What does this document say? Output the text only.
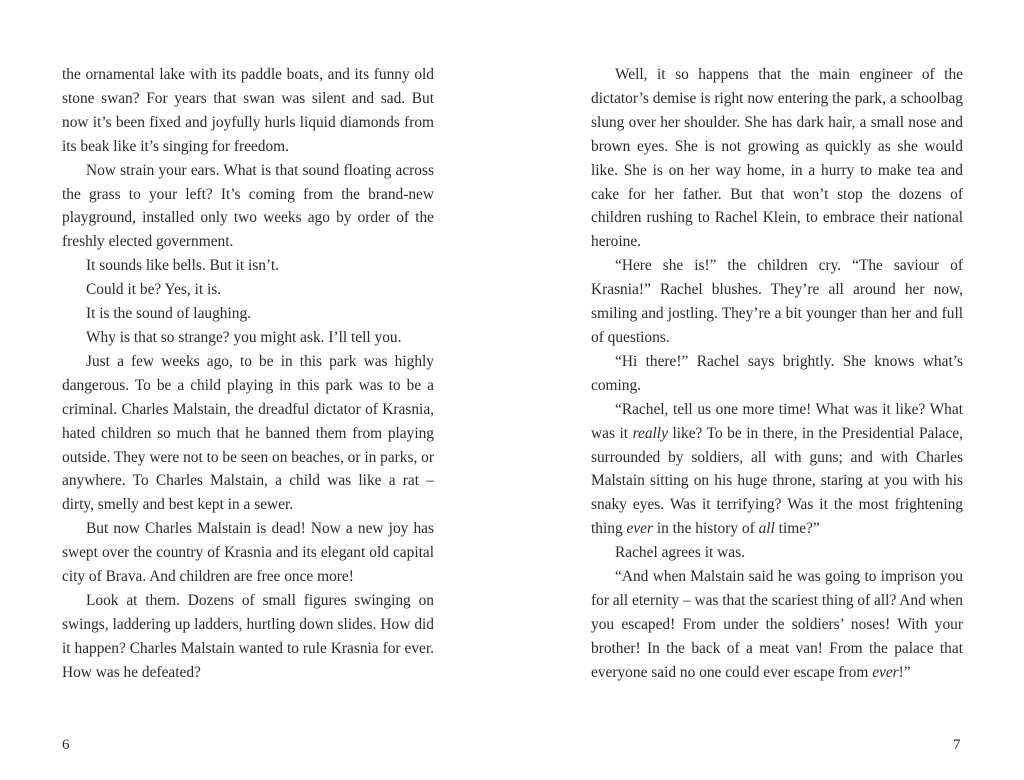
the ornamental lake with its paddle boats, and its funny old stone swan? For years that swan was silent and sad. But now it’s been fixed and joyfully hurls liquid diamonds from its beak like it’s singing for freedom.

Now strain your ears. What is that sound floating across the grass to your left? It’s coming from the brand-new playground, installed only two weeks ago by order of the freshly elected government.

It sounds like bells. But it isn’t.

Could it be? Yes, it is.

It is the sound of laughing.

Why is that so strange? you might ask. I’ll tell you.

Just a few weeks ago, to be in this park was highly dangerous. To be a child playing in this park was to be a criminal. Charles Malstain, the dreadful dictator of Krasnia, hated children so much that he banned them from playing outside. They were not to be seen on beaches, or in parks, or anywhere. To Charles Malstain, a child was like a rat – dirty, smelly and best kept in a sewer.

But now Charles Malstain is dead! Now a new joy has swept over the country of Krasnia and its elegant old capital city of Brava. And children are free once more!

Look at them. Dozens of small figures swinging on swings, laddering up ladders, hurtling down slides. How did it happen? Charles Malstain wanted to rule Krasnia for ever. How was he defeated?

Well, it so happens that the main engineer of the dictator’s demise is right now entering the park, a schoolbag slung over her shoulder. She has dark hair, a small nose and brown eyes. She is not growing as quickly as she would like. She is on her way home, in a hurry to make tea and cake for her father. But that won’t stop the dozens of children rushing to Rachel Klein, to embrace their national heroine.

“Here she is!” the children cry. “The saviour of Krasnia!” Rachel blushes. They’re all around her now, smiling and jostling. They’re a bit younger than her and full of questions.

“Hi there!” Rachel says brightly. She knows what’s coming.

“Rachel, tell us one more time! What was it like? What was it really like? To be in there, in the Presidential Palace, surrounded by soldiers, all with guns; and with Charles Malstain sitting on his huge throne, staring at you with his snaky eyes. Was it terrifying? Was it the most frightening thing ever in the history of all time?”

Rachel agrees it was.

“And when Malstain said he was going to imprison you for all eternity – was that the scariest thing of all? And when you escaped! From under the soldiers’ noses! With your brother! In the back of a meat van! From the palace that everyone said no one could ever escape from ever!”

6	7
